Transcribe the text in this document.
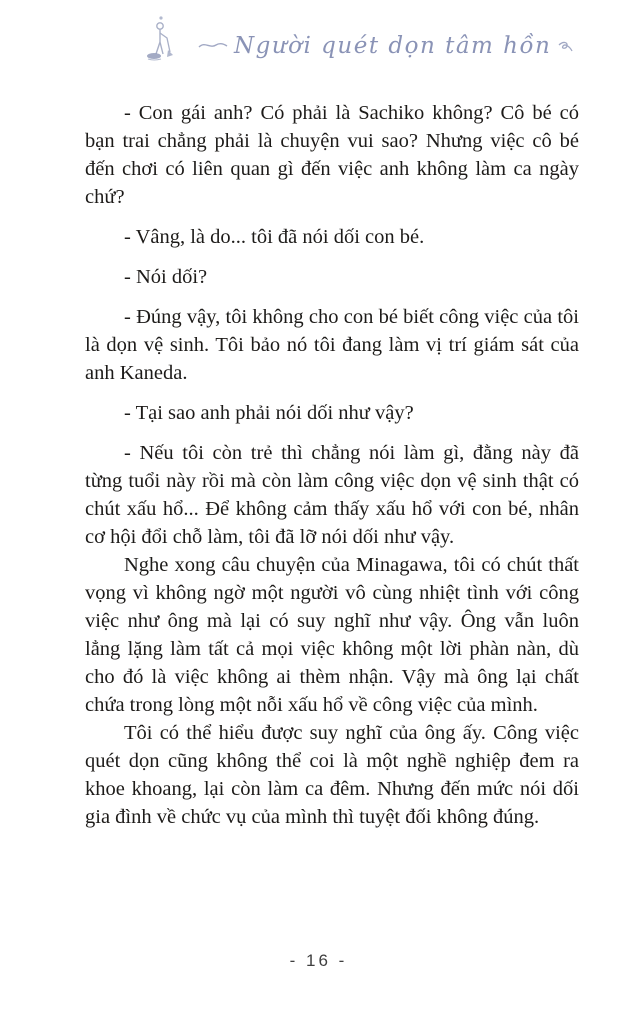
Người quét dọn tâm hồn

- Con gái anh? Có phải là Sachiko không? Cô bé có bạn trai chẳng phải là chuyện vui sao? Nhưng việc cô bé đến chơi có liên quan gì đến việc anh không làm ca ngày chứ?

- Vâng, là do... tôi đã nói dối con bé.

- Nói dối?

- Đúng vậy, tôi không cho con bé biết công việc của tôi là dọn vệ sinh. Tôi bảo nó tôi đang làm vị trí giám sát của anh Kaneda.

- Tại sao anh phải nói dối như vậy?

- Nếu tôi còn trẻ thì chẳng nói làm gì, đằng này đã từng tuổi này rồi mà còn làm công việc dọn vệ sinh thật có chút xấu hổ... Để không cảm thấy xấu hổ với con bé, nhân cơ hội đổi chỗ làm, tôi đã lỡ nói dối như vậy.

Nghe xong câu chuyện của Minagawa, tôi có chút thất vọng vì không ngờ một người vô cùng nhiệt tình với công việc như ông mà lại có suy nghĩ như vậy. Ông vẫn luôn lẳng lặng làm tất cả mọi việc không một lời phàn nàn, dù cho đó là việc không ai thèm nhận. Vậy mà ông lại chất chứa trong lòng một nỗi xấu hổ về công việc của mình.

Tôi có thể hiểu được suy nghĩ của ông ấy. Công việc quét dọn cũng không thể coi là một nghề nghiệp đem ra khoe khoang, lại còn làm ca đêm. Nhưng đến mức nói dối gia đình về chức vụ của mình thì tuyệt đối không đúng.

- 16 -
